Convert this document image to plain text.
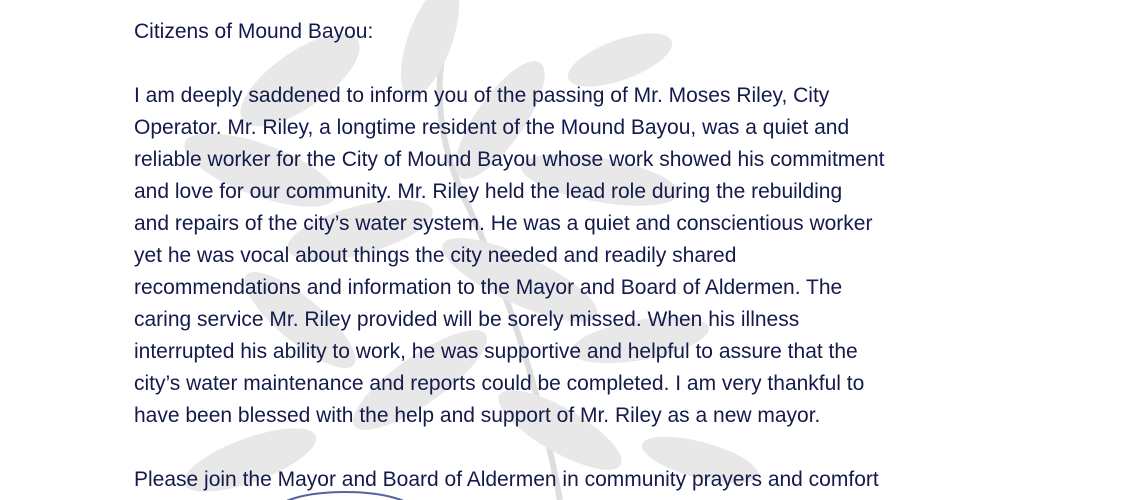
Citizens of Mound Bayou:

I am deeply saddened to inform you of the passing of Mr. Moses Riley, City
Operator. Mr. Riley, a longtime resident of the Mound Bayou, was a quiet and
reliable worker for the City of Mound Bayou whose work showed his commitment
and love for our community. Mr. Riley held the lead role during the rebuilding
and repairs of the city’s water system. He was a quiet and conscientious worker
yet he was vocal about things the city needed and readily shared
recommendations and information to the Mayor and Board of Aldermen. The
caring service Mr. Riley provided will be sorely missed. When his illness
interrupted his ability to work, he was supportive and helpful to assure that the
city’s water maintenance and reports could be completed. I am very thankful to
have been blessed with the help and support of Mr. Riley as a new mayor.

Please join the Mayor and Board of Aldermen in community prayers and comfort
